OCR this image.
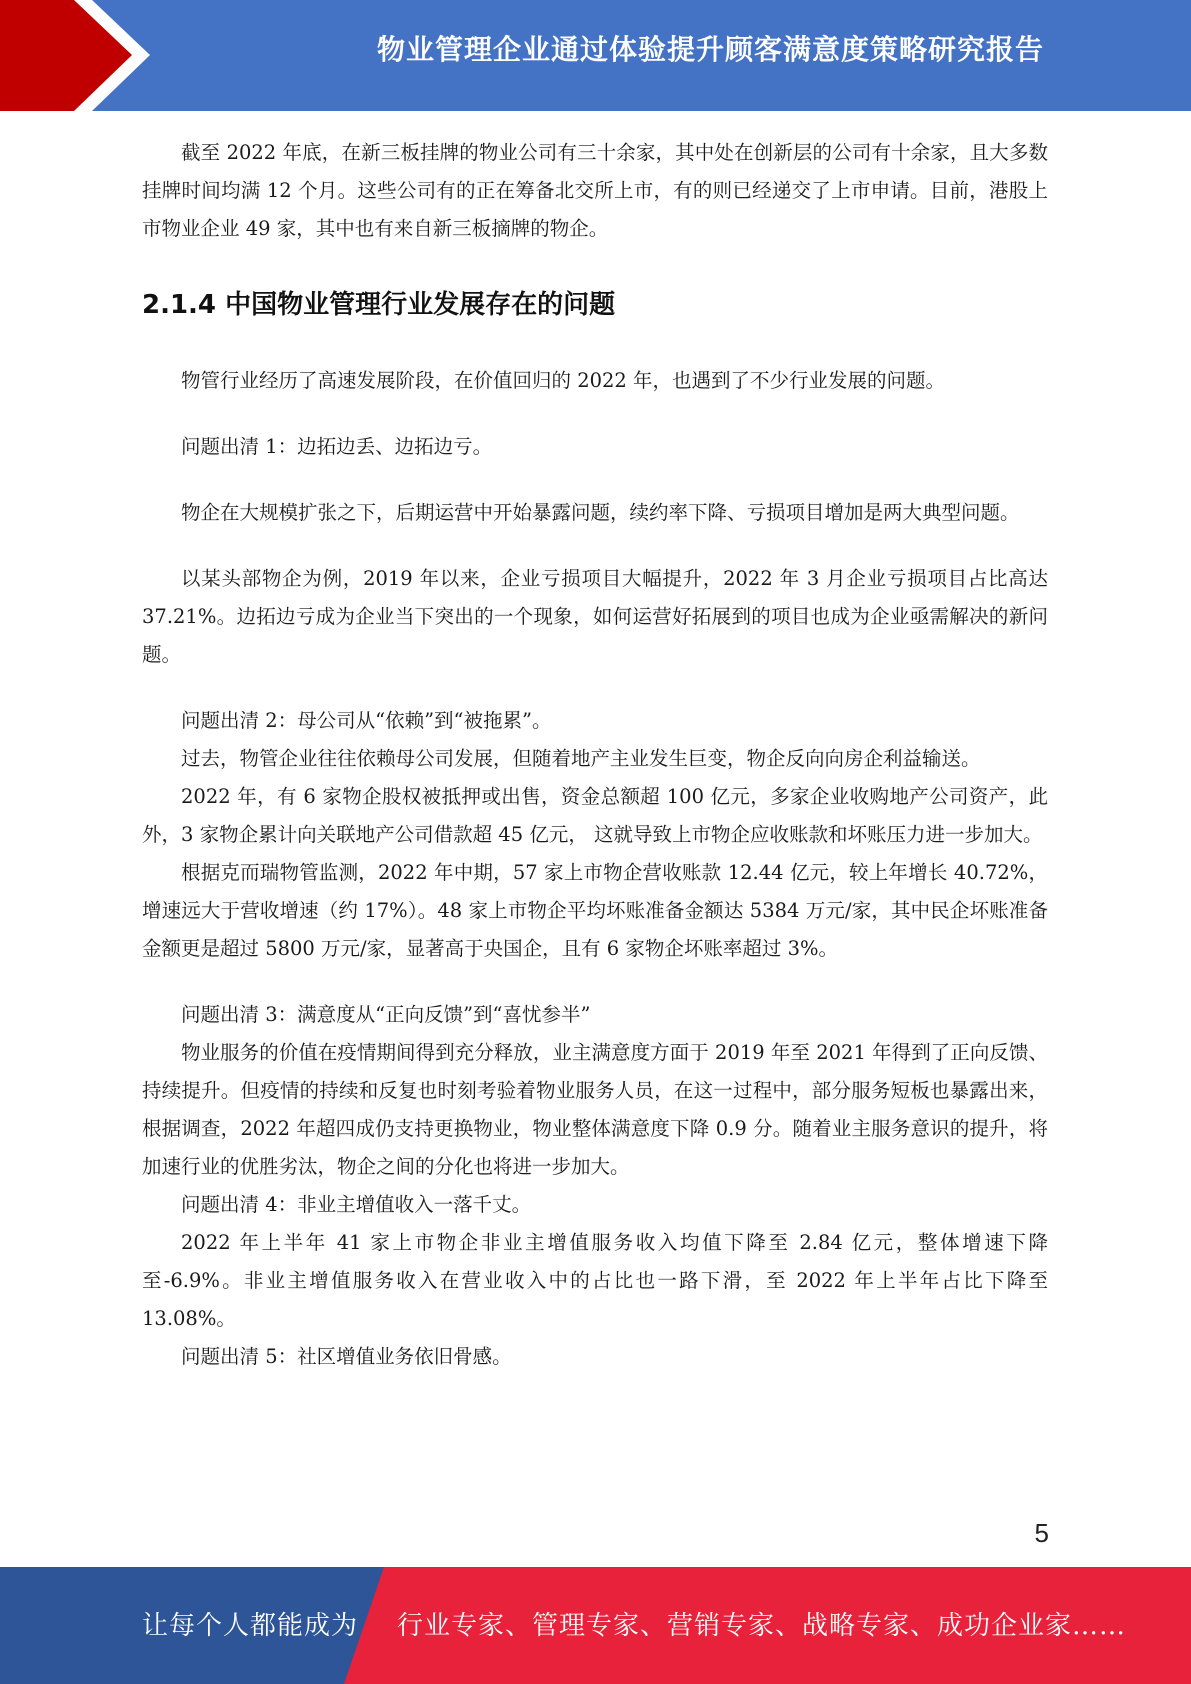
物业管理企业通过体验提升顾客满意度策略研究报告

截至 2022 年底，在新三板挂牌的物业公司有三十余家，其中处在创新层的公司有十余家，且大多数挂牌时间均满 12 个月。这些公司有的正在筹备北交所上市，有的则已经递交了上市申请。目前，港股上市物业企业 49 家，其中也有来自新三板摘牌的物企。

2.1.4 中国物业管理行业发展存在的问题

物管行业经历了高速发展阶段，在价值回归的 2022 年，也遇到了不少行业发展的问题。

问题出清 1：边拓边丢、边拓边亏。

物企在大规模扩张之下，后期运营中开始暴露问题，续约率下降、亏损项目增加是两大典型问题。

以某头部物企为例，2019 年以来，企业亏损项目大幅提升，2022 年 3 月企业亏损项目占比高达 37.21%。边拓边亏成为企业当下突出的一个现象，如何运营好拓展到的项目也成为企业亟需解决的新问题。

问题出清 2：母公司从“依赖”到“被拖累”。

过去，物管企业往往依赖母公司发展，但随着地产主业发生巨变，物企反向向房企利益输送。

2022 年，有 6 家物企股权被抵押或出售，资金总额超 100 亿元，多家企业收购地产公司资产，此外，3 家物企累计向关联地产公司借款超 45 亿元， 这就导致上市物企应收账款和坏账压力进一步加大。

根据克而瑞物管监测，2022 年中期，57 家上市物企营收账款 12.44 亿元，较上年增长 40.72%，增速远大于营收增速（约 17%）。48 家上市物企平均坏账准备金额达 5384 万元/家，其中民企坏账准备金额更是超过 5800 万元/家，显著高于央国企，且有 6 家物企坏账率超过 3%。

问题出清 3：满意度从“正向反馈”到“喜忧参半”

物业服务的价值在疫情期间得到充分释放，业主满意度方面于 2019 年至 2021 年得到了正向反馈、持续提升。但疫情的持续和反复也时刻考验着物业服务人员，在这一过程中，部分服务短板也暴露出来，根据调查，2022 年超四成仍支持更换物业，物业整体满意度下降 0.9 分。随着业主服务意识的提升，将加速行业的优胜劣汰，物企之间的分化也将进一步加大。

问题出清 4：非业主增值收入一落千丈。

2022 年上半年 41 家上市物企非业主增值服务收入均值下降至 2.84 亿元，整体增速下降至-6.9%。非业主增值服务收入在营业收入中的占比也一路下滑，至 2022 年上半年占比下降至 13.08%。

问题出清 5：社区增值业务依旧骨感。

5
让每个人都能成为 行业专家、管理专家、营销专家、战略专家、成功企业家……
